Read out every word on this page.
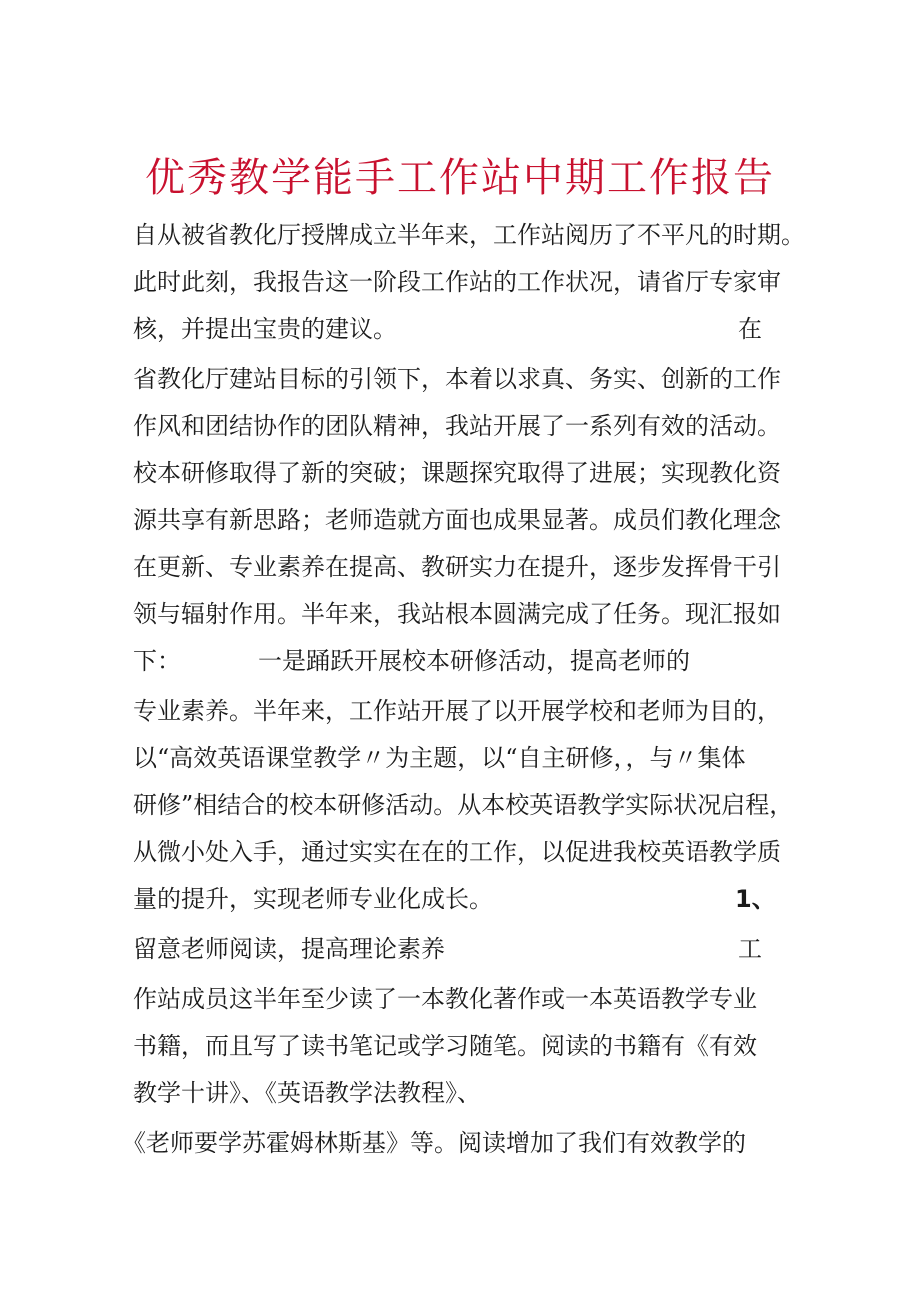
优秀教学能手工作站中期工作报告
自从被省教化厅授牌成立半年来，工作站阅历了不平凡的时期。
此时此刻，我报告这一阶段工作站的工作状况，请省厅专家审
核，并提出宝贵的建议。	在
省教化厅建站目标的引领下，本着以求真、务实、创新的工作
作风和团结协作的团队精神，我站开展了一系列有效的活动。
校本研修取得了新的突破；课题探究取得了进展；实现教化资
源共享有新思路；老师造就方面也成果显著。成员们教化理念
在更新、专业素养在提高、教研实力在提升，逐步发挥骨干引
领与辐射作用。半年来，我站根本圆满完成了任务。现汇报如
下：	一是踊跃开展校本研修活动，提高老师的
专业素养。半年来，工作站开展了以开展学校和老师为目的，
以“高效英语课堂教学〃为主题，以“自主研修，，与〃集体
研修”相结合的校本研修活动。从本校英语教学实际状况启程，
从微小处入手，通过实实在在的工作，以促进我校英语教学质
量的提升，实现老师专业化成长。	1、
留意老师阅读，提高理论素养	工
作站成员这半年至少读了一本教化著作或一本英语教学专业
书籍，而且写了读书笔记或学习随笔。阅读的书籍有《有效
教学十讲》、《英语教学法教程》、
《老师要学苏霍姆林斯基》等。阅读增加了我们有效教学的
